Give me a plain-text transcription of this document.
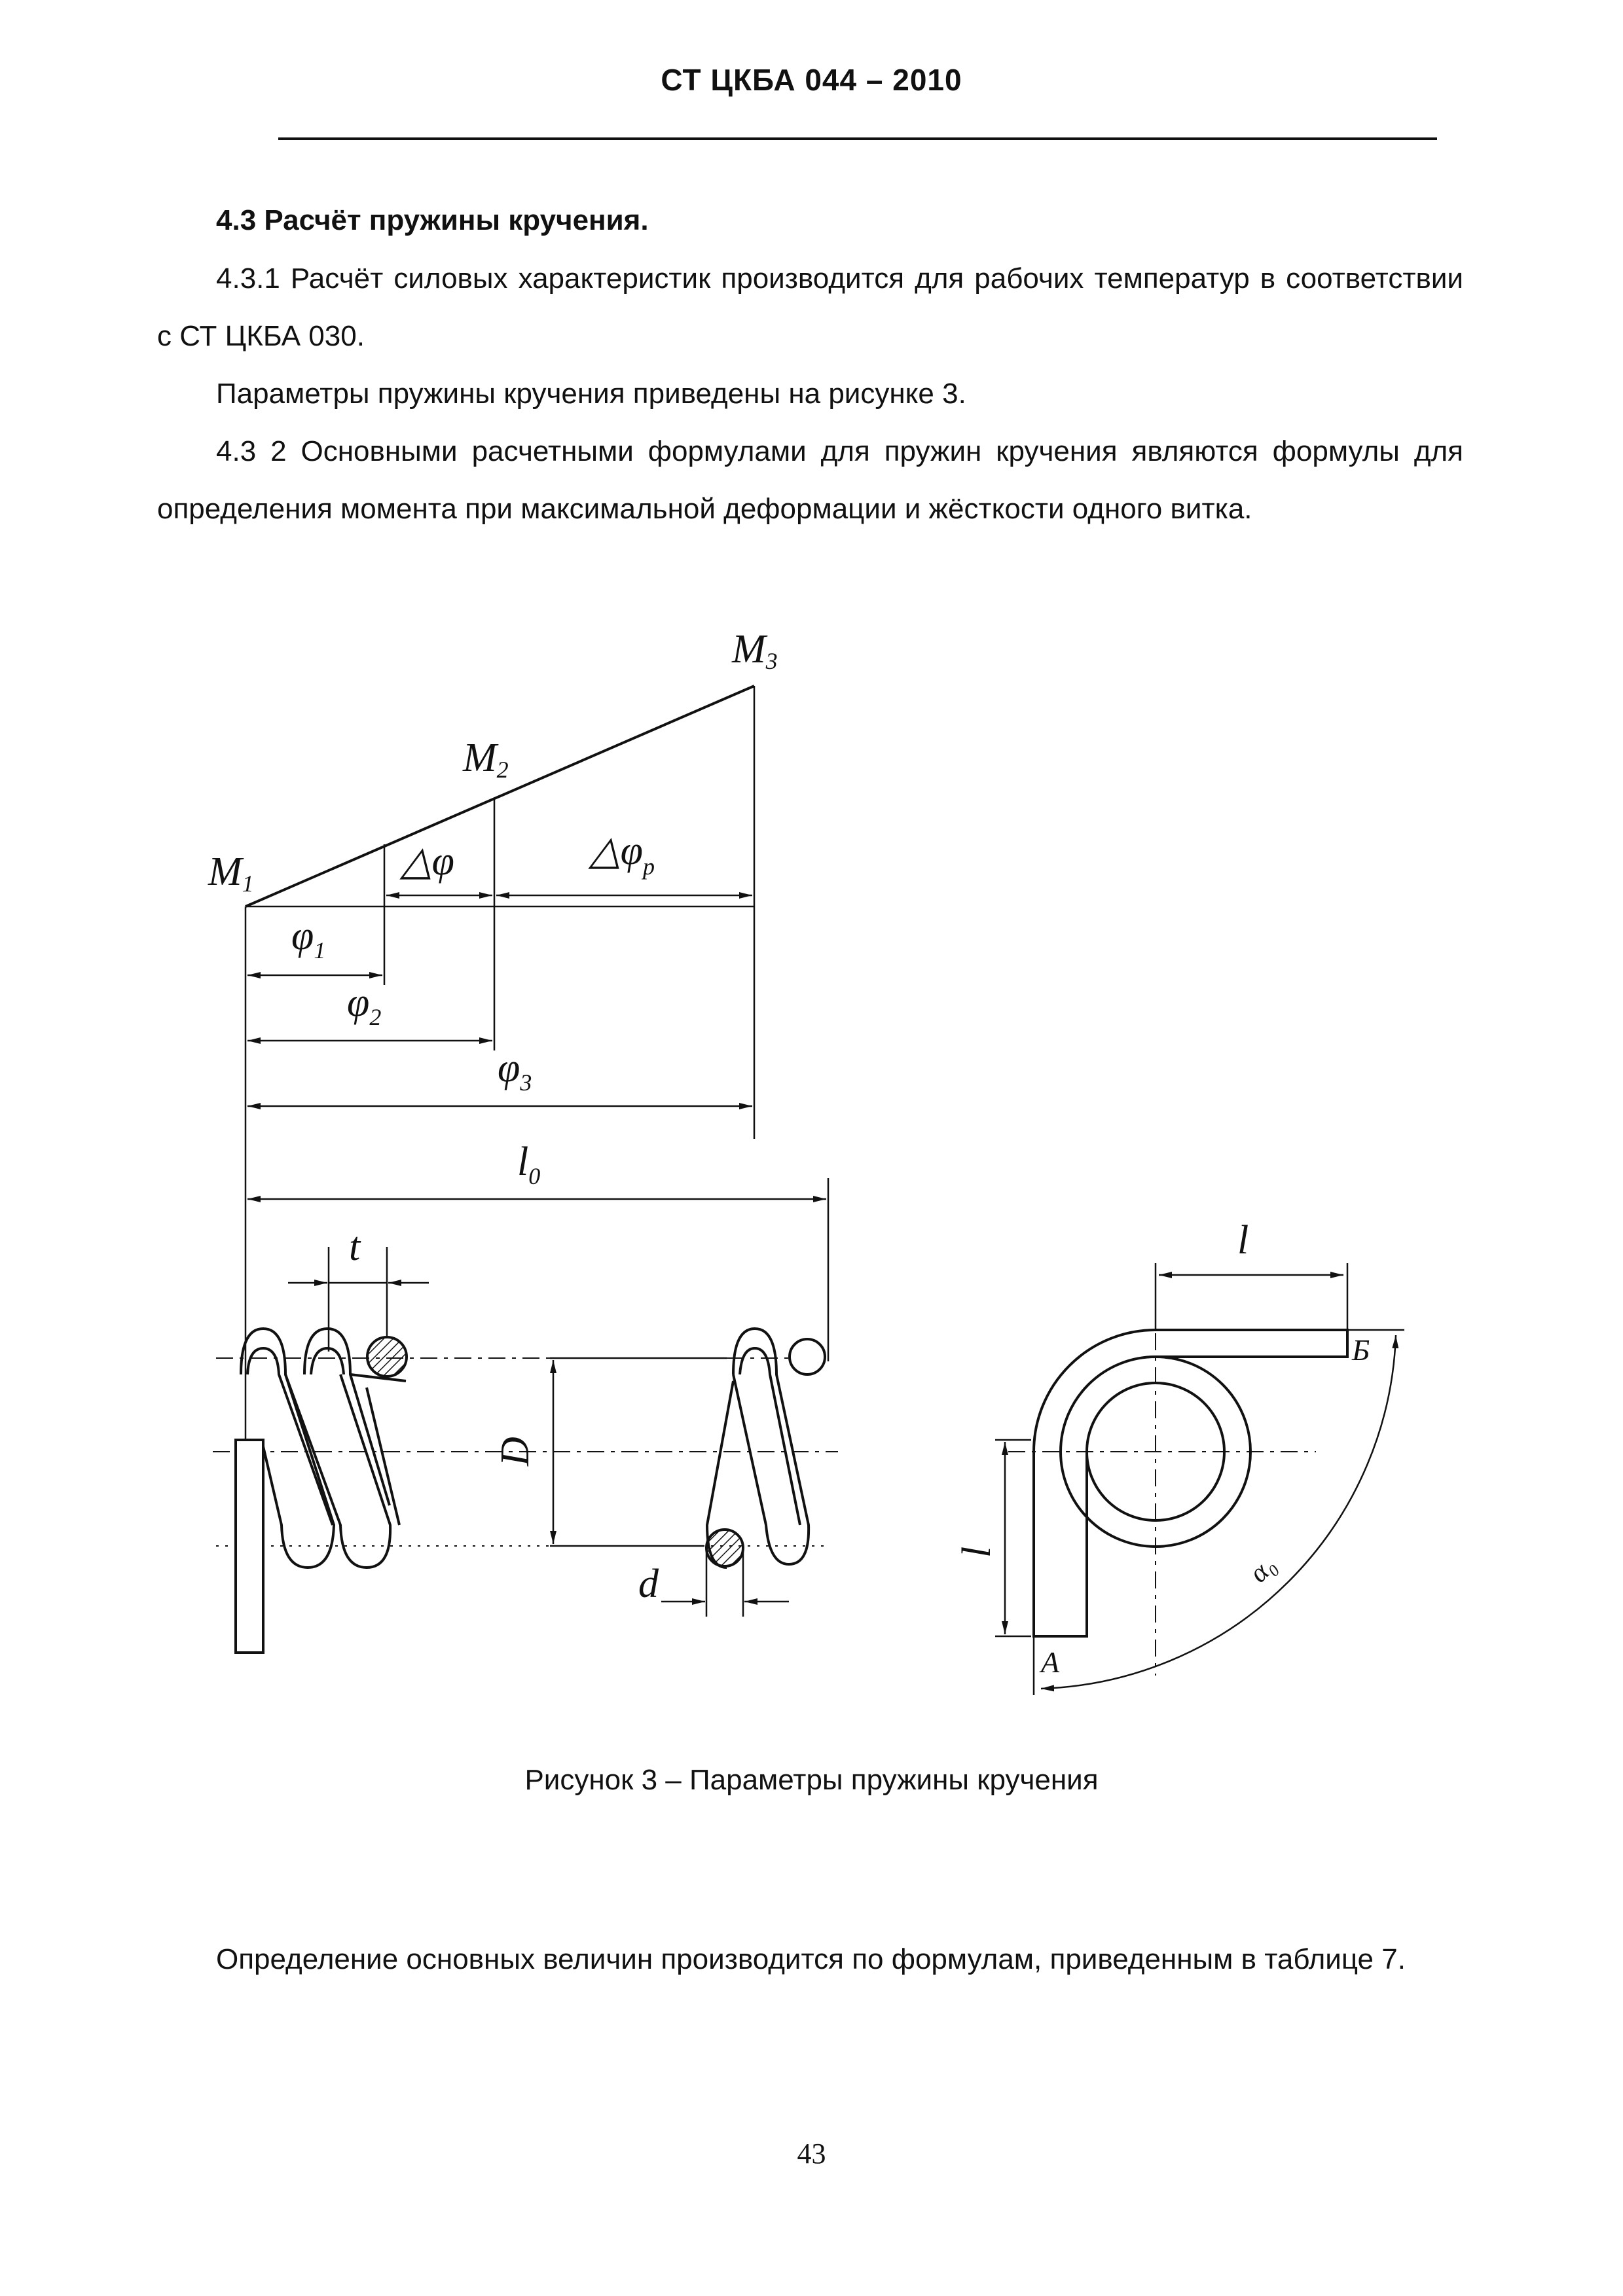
СТ ЦКБА 044 – 2010
4.3 Расчёт пружины кручения.
4.3.1 Расчёт силовых характеристик производится для рабочих температур в соответствии с СТ ЦКБА 030.
Параметры пружины кручения приведены на рисунке 3.
4.3 2 Основными расчетными формулами для пружин кручения являются формулы для определения момента при максимальной деформации и жёсткости одного витка.
M1
M2
M3
△φ	$\triangle\varphi_p$
$\varphi_1$
$\varphi_2$
$\varphi_3$
$l_0$
t
D
d
l
l
Б
A
α₀
Рисунок 3 – Параметры пружины кручения
Определение основных величин производится по формулам, приведенным в таблице 7.
43
